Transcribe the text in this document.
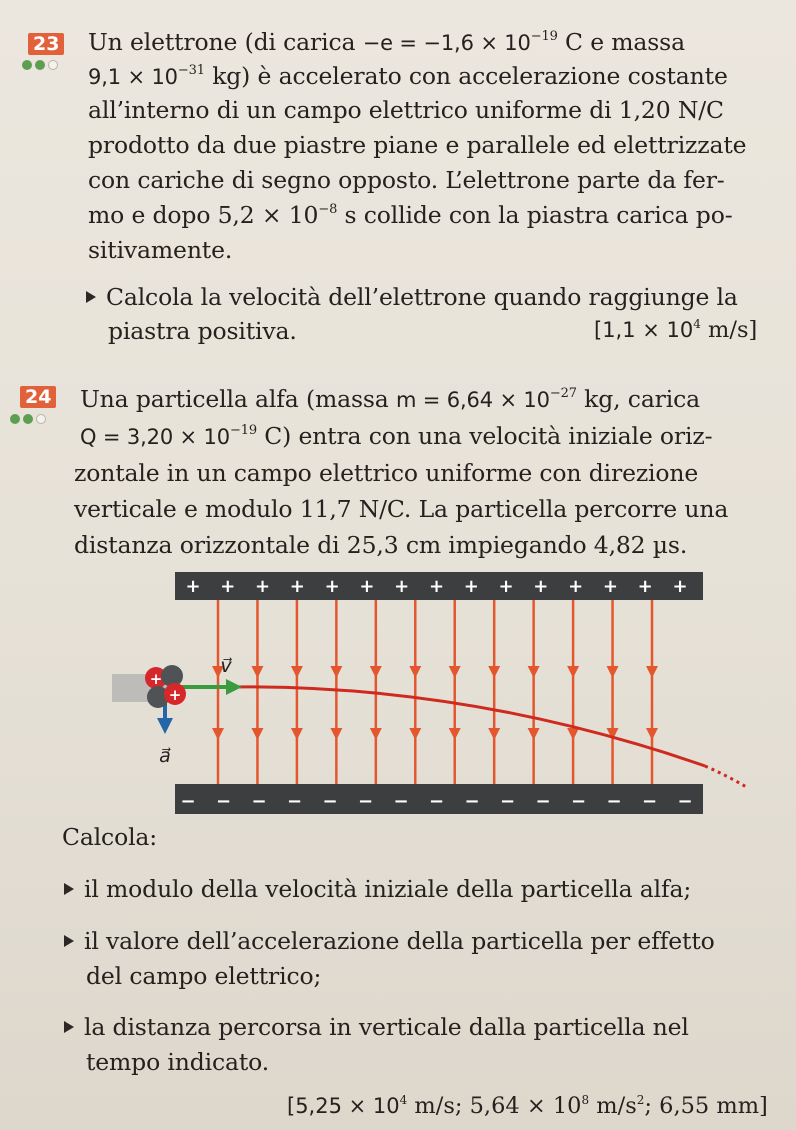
23 Un elettrone (di carica $-e = -1,6 \times 10^{-19}$ C e massa
$9,1 \times 10^{-31}$ kg) è accelerato con accelerazione costante
all’interno di un campo elettrico uniforme di 1,20 N/C
prodotto da due piastre piane e parallele ed elettrizzate
con cariche di segno opposto. L’elettrone parte da fer-
mo e dopo $5,2 \times 10^{-8}$ s collide con la piastra carica po-
sitivamente.
Calcola la velocità dell’elettrone quando raggiunge la
piastra positiva.	[$1,1 \times 10^4$ m/s]
24 Una particella alfa (massa $m = 6,64 \times 10^{-27}$ kg, carica
$Q = 3,20 \times 10^{-19}$ C) entra con una velocità iniziale oriz-
zontale in un campo elettrico uniforme con direzione
verticale e modulo 11,7 N/C. La particella percorre una
distanza orizzontale di 25,3 cm impiegando 4,82 µs.
+ + + + + + + + + + + + + + +
− − − − − − − − − − − − − − −
v⃗
a⃗
+
+
Calcola:
il modulo della velocità iniziale della particella alfa;
il valore dell’accelerazione della particella per effetto
del campo elettrico;
la distanza percorsa in verticale dalla particella nel
tempo indicato.
[$5,25 \times 10^4$ m/s; $5,64 \times 10^8$ $m/s^2$; 6,55 mm]
